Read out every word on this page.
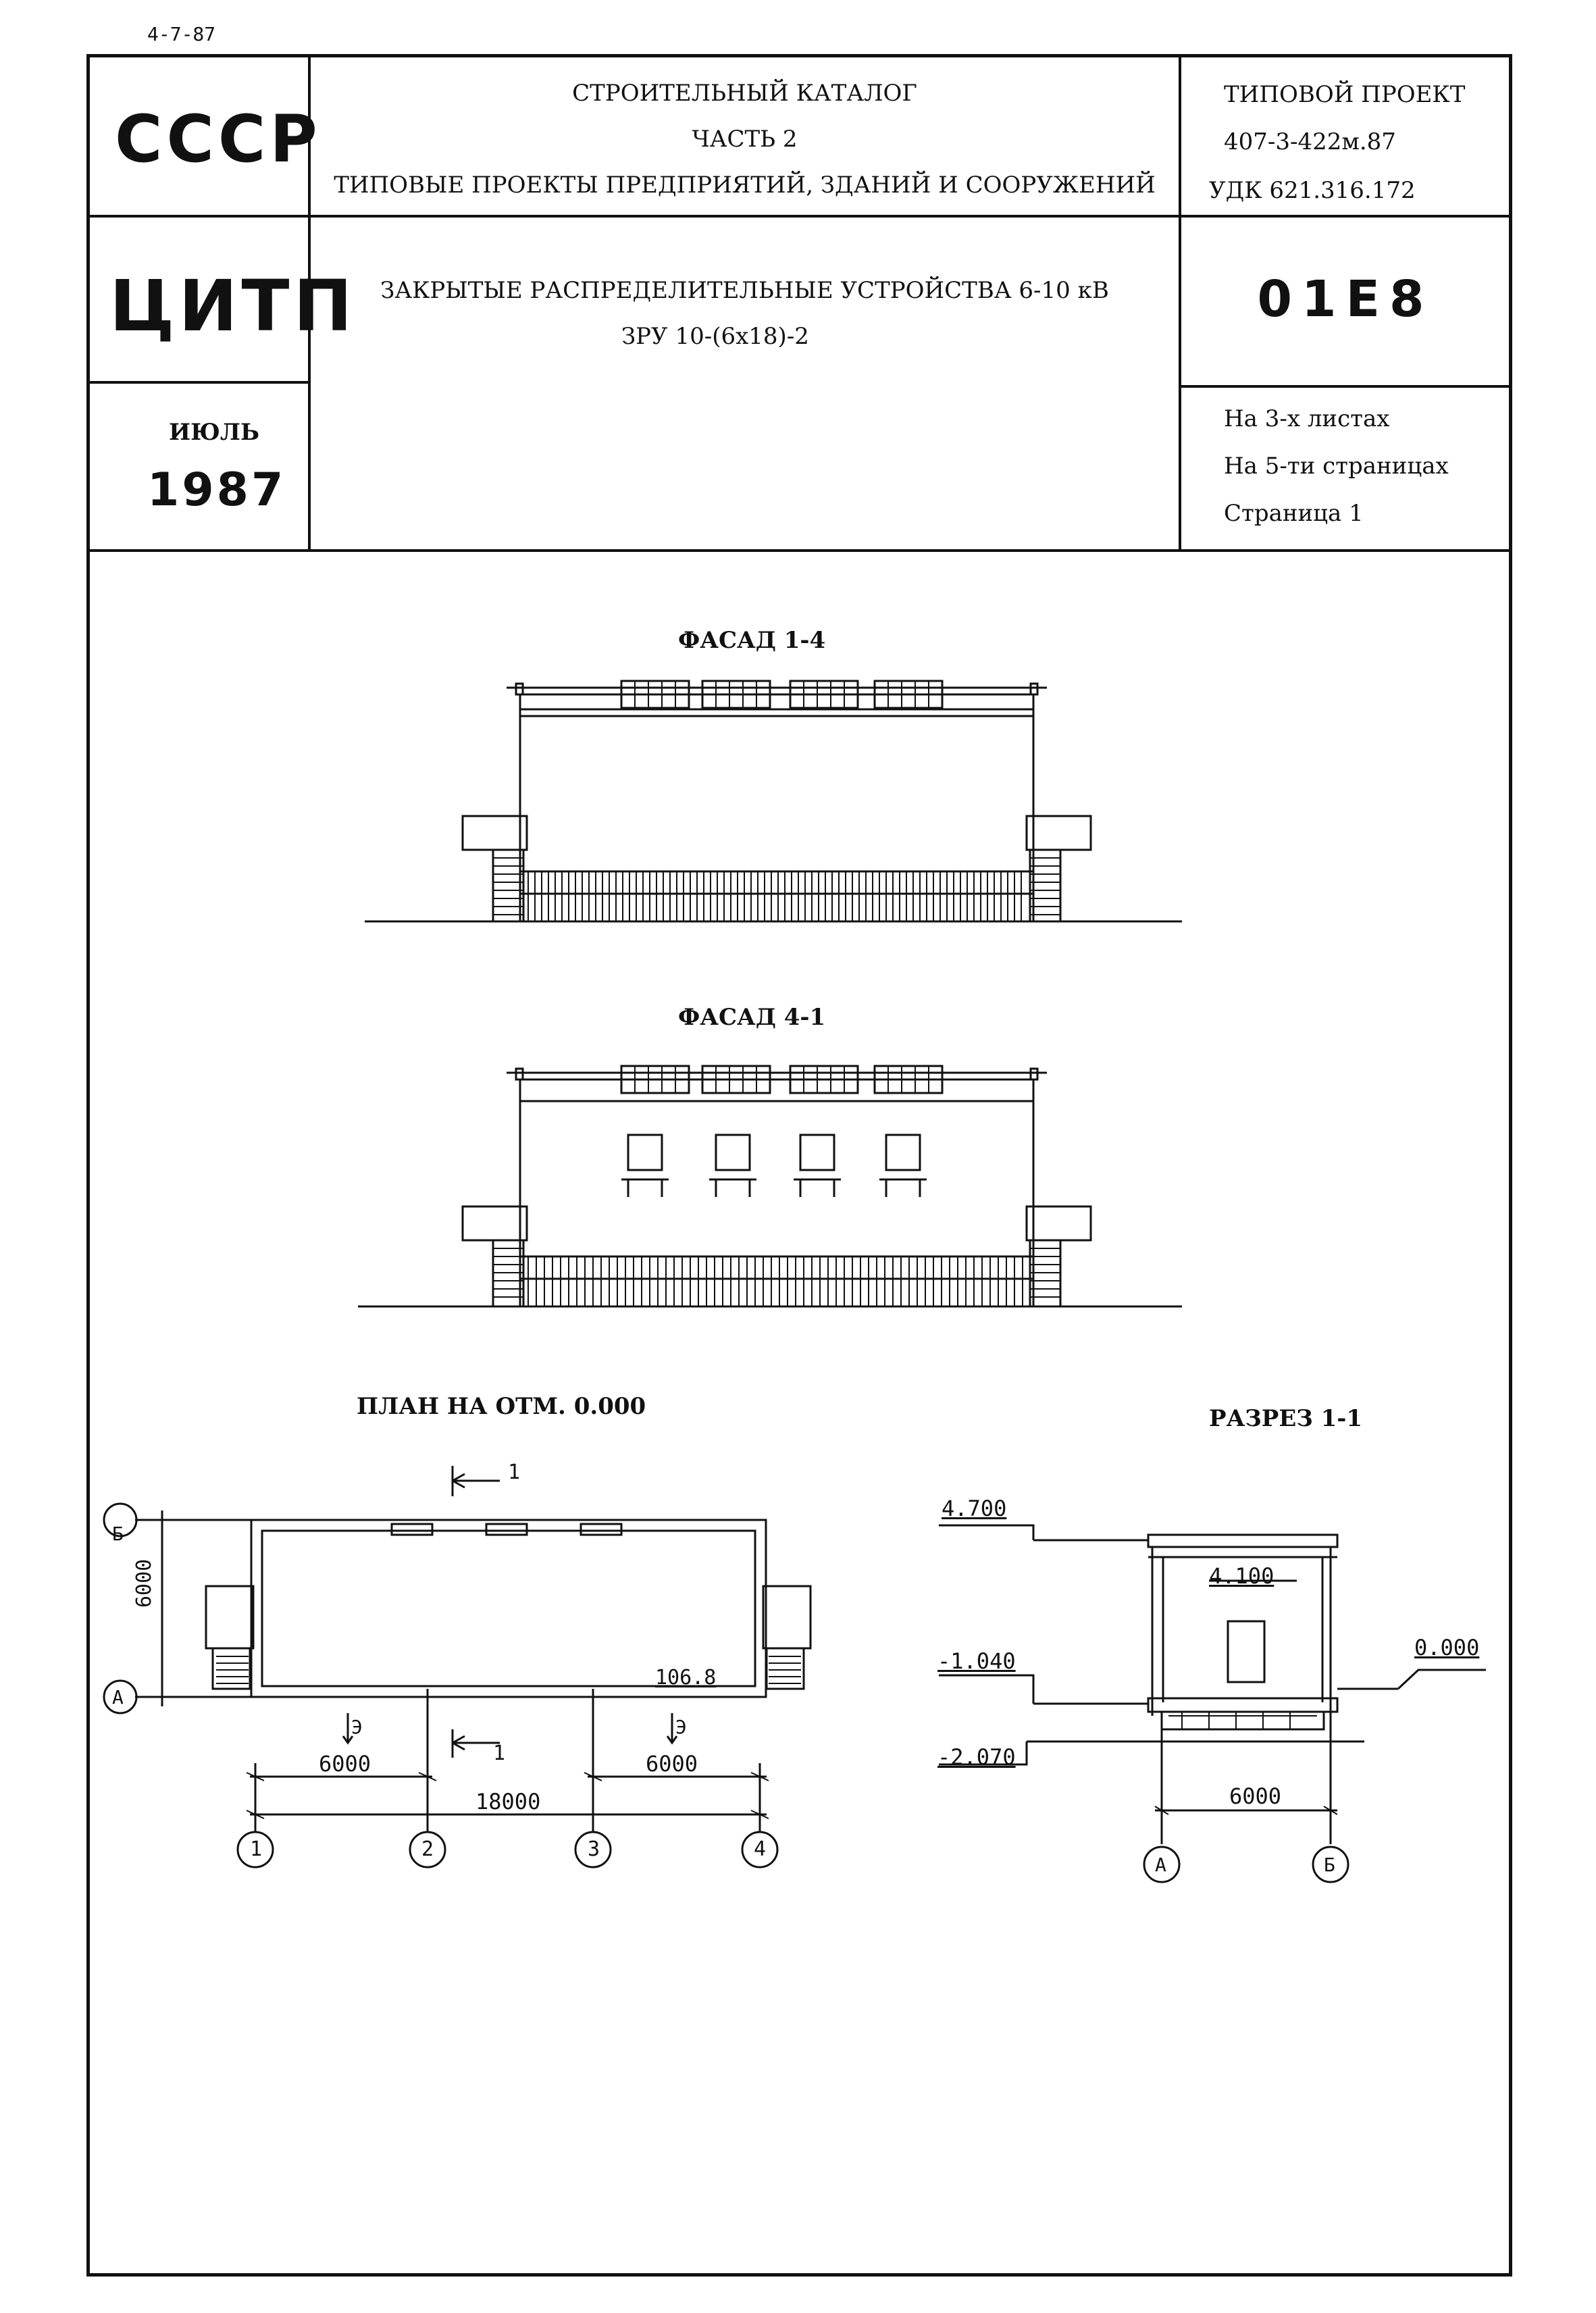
4-7-87
СССР
ЦИТП
ИЮЛЬ
1987
СТРОИТЕЛЬНЫЙ КАТАЛОГ
ЧАСТЬ 2
ТИПОВЫЕ ПРОЕКТЫ ПРЕДПРИЯТИЙ, ЗДАНИЙ И СООРУЖЕНИЙ
ТИПОВОЙ ПРОЕКТ
407-3-422м.87
УДК 621.316.172
ЗАКРЫТЫЕ РАСПРЕДЕЛИТЕЛЬНЫЕ УСТРОЙСТВА 6-10 кВ
ЗРУ 10-(6х18)-2
01Е8
На 3-х листах
На 5-ти страницах
Страница 1
ФАСАД 1-4
ФАСАД 4-1
ПЛАН НА ОТМ. 0.000	РАЗРЕЗ 1-1
Б
А
6000
6000	6000
18000
106.8
1
1
Э	Э
1	2	3	4
4.700
4.100
0.000
-1.040
-2.070
6000
А	Б
